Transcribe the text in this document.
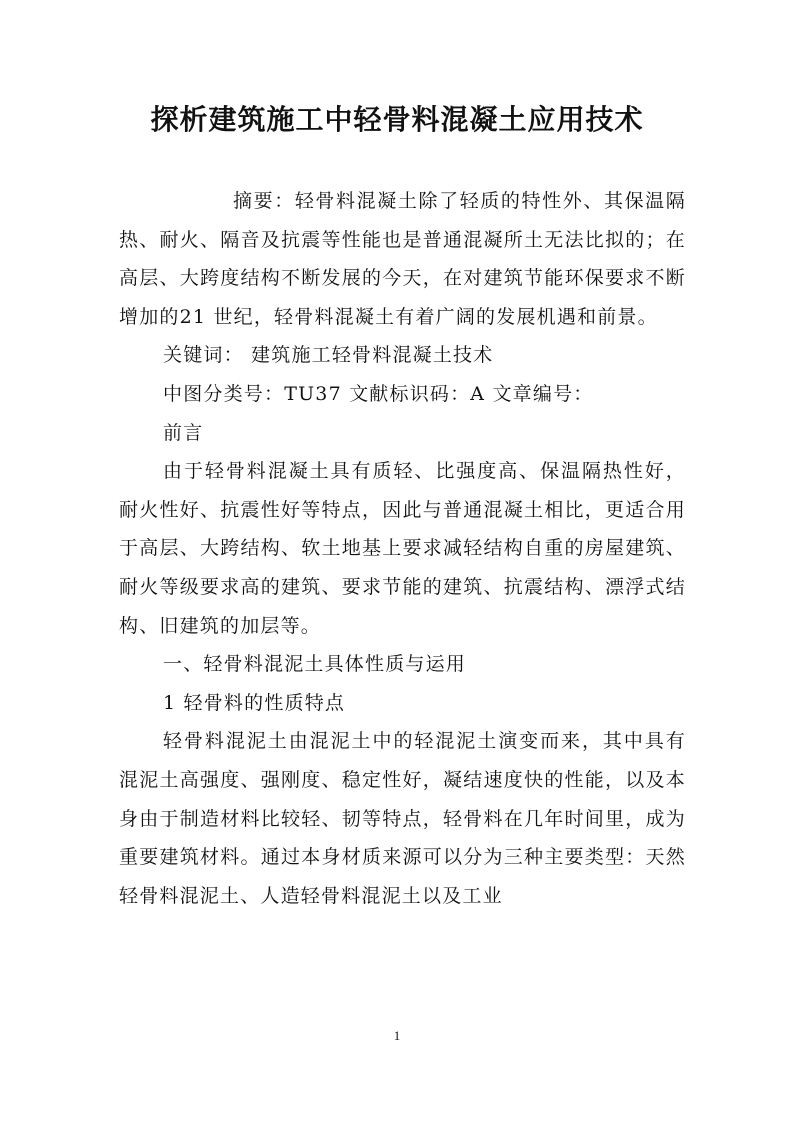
探析建筑施工中轻骨料混凝土应用技术

摘要：轻骨料混凝土除了轻质的特性外、其保温隔热、耐火、隔音及抗震等性能也是普通混凝所土无法比拟的；在高层、大跨度结构不断发展的今天，在对建筑节能环保要求不断增加的21 世纪，轻骨料混凝土有着广阔的发展机遇和前景。

关键词： 建筑施工轻骨料混凝土技术

中图分类号：TU37 文献标识码：A 文章编号：

前言

由于轻骨料混凝土具有质轻、比强度高、保温隔热性好，耐火性好、抗震性好等特点，因此与普通混凝土相比，更适合用于高层、大跨结构、软土地基上要求减轻结构自重的房屋建筑、耐火等级要求高的建筑、要求节能的建筑、抗震结构、漂浮式结构、旧建筑的加层等。

一、轻骨料混泥土具体性质与运用

1 轻骨料的性质特点

轻骨料混泥土由混泥土中的轻混泥土演变而来，其中具有混泥土高强度、强刚度、稳定性好，凝结速度快的性能，以及本身由于制造材料比较轻、韧等特点，轻骨料在几年时间里，成为重要建筑材料。通过本身材质来源可以分为三种主要类型：天然轻骨料混泥土、人造轻骨料混泥土以及工业

1
